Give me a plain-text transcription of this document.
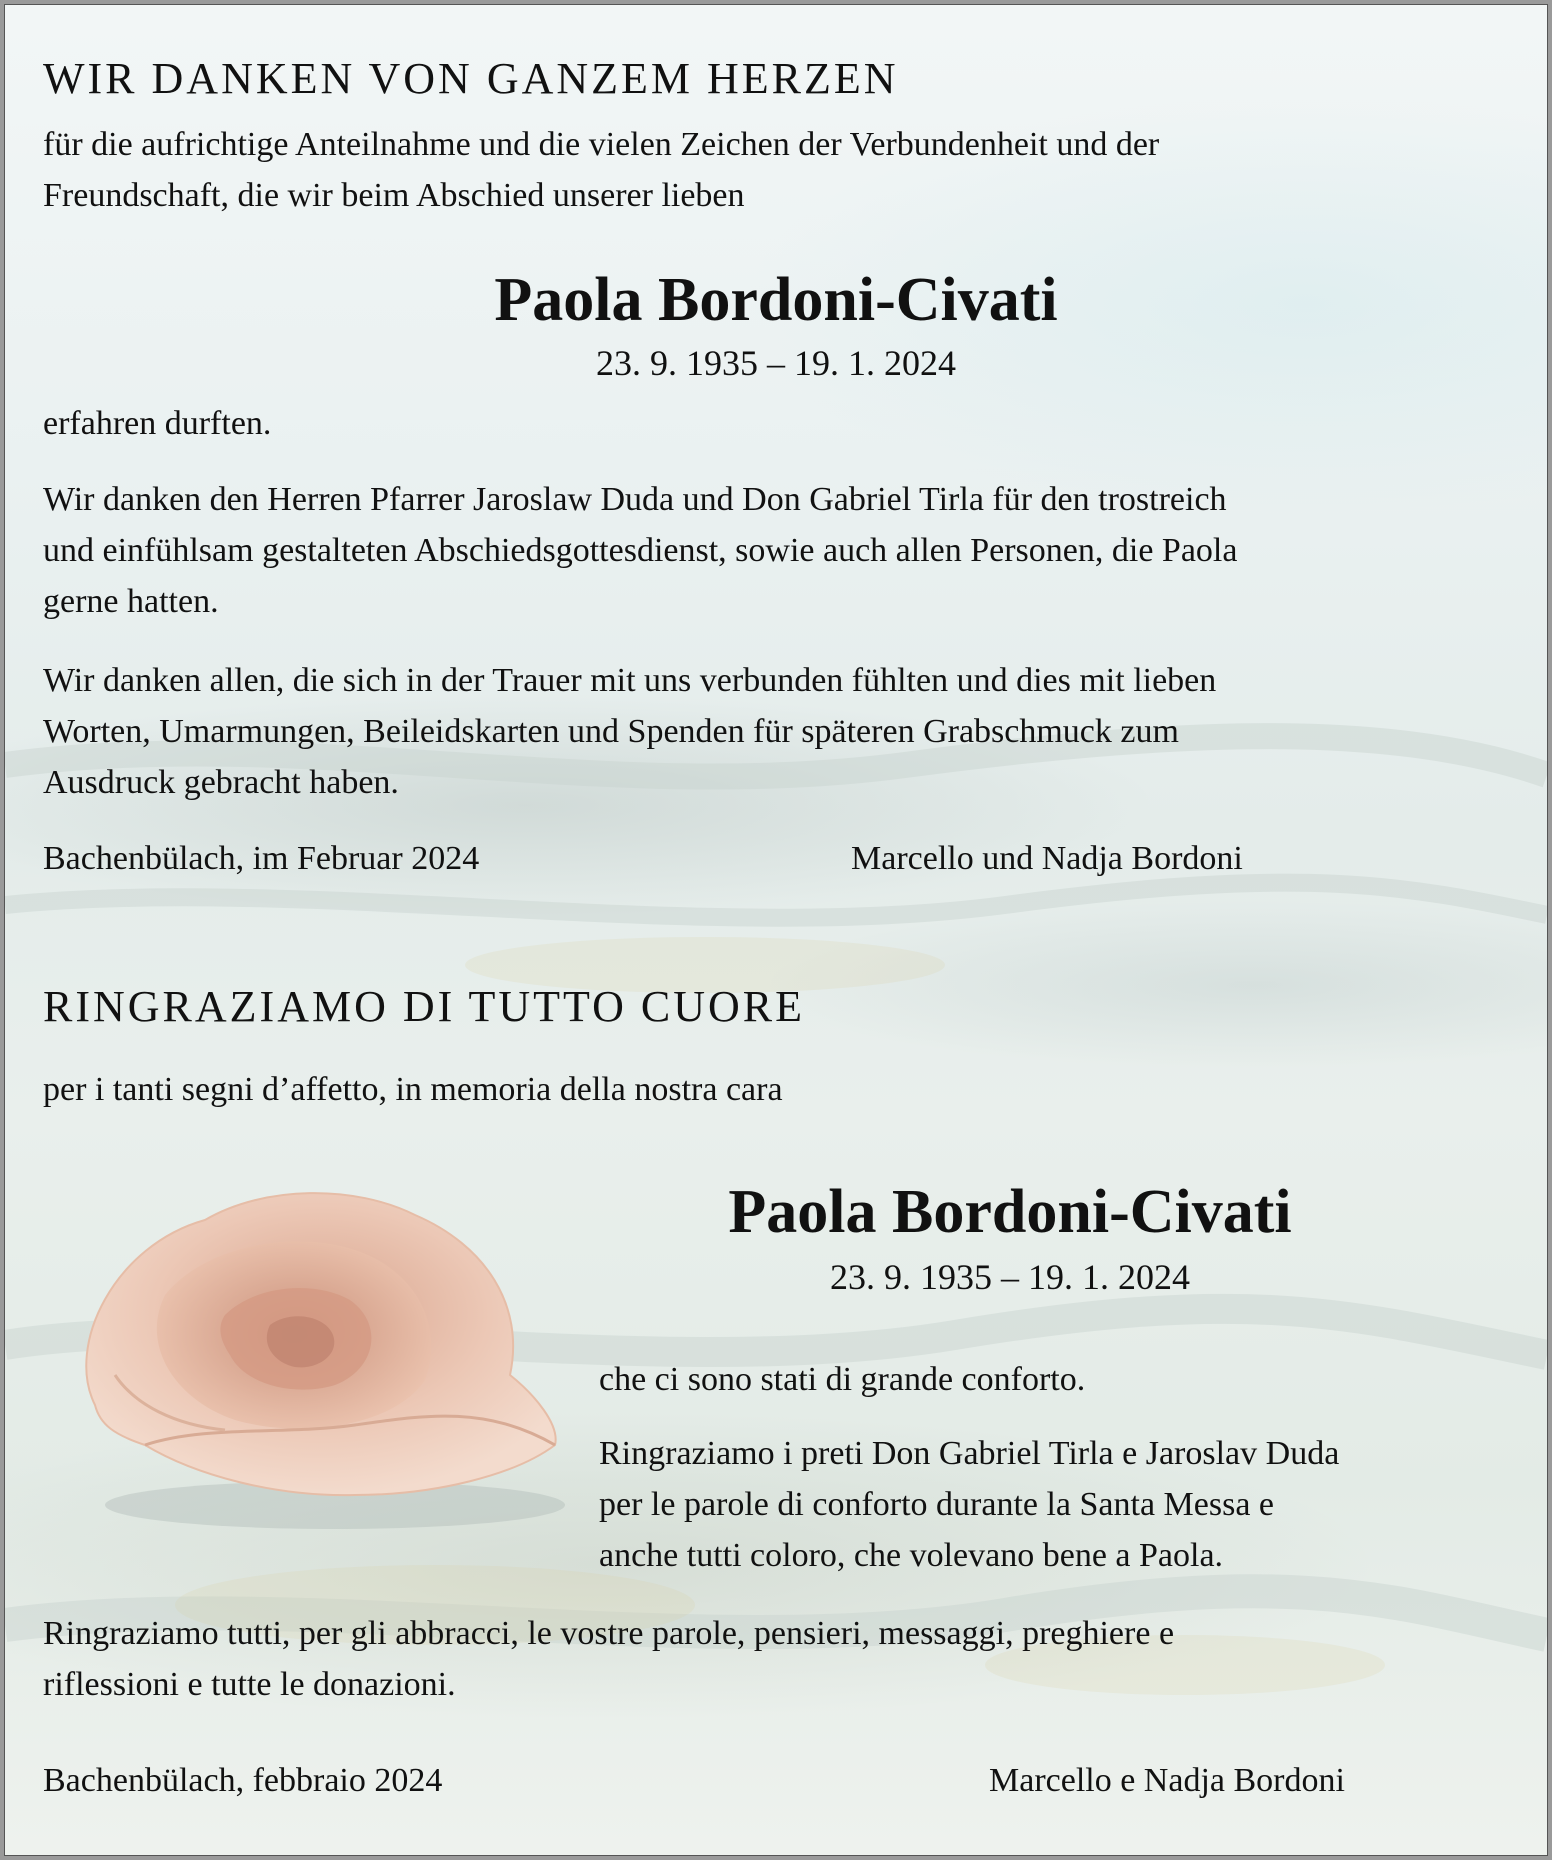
WIR DANKEN VON GANZEM HERZEN
für die aufrichtige Anteilnahme und die vielen Zeichen der Verbundenheit und der
Freundschaft, die wir beim Abschied unserer lieben
Paola Bordoni-Civati
23. 9. 1935 – 19. 1. 2024
erfahren durften.
Wir danken den Herren Pfarrer Jaroslaw Duda und Don Gabriel Tirla für den trostreich
und einfühlsam gestalteten Abschiedsgottesdienst, sowie auch allen Personen, die Paola
gerne hatten.
Wir danken allen, die sich in der Trauer mit uns verbunden fühlten und dies mit lieben
Worten, Umarmungen, Beileidskarten und Spenden für späteren Grabschmuck zum
Ausdruck gebracht haben.
Bachenbülach, im Februar 2024	Marcello und Nadja Bordoni
RINGRAZIAMO DI TUTTO CUORE
per i tanti segni d’affetto, in memoria della nostra cara
Paola Bordoni-Civati
23. 9. 1935 – 19. 1. 2024
che ci sono stati di grande conforto.
Ringraziamo i preti Don Gabriel Tirla e Jaroslav Duda
per le parole di conforto durante la Santa Messa e
anche tutti coloro, che volevano bene a Paola.
Ringraziamo tutti, per gli abbracci, le vostre parole, pensieri, messaggi, preghiere e
riflessioni e tutte le donazioni.
Bachenbülach, febbraio 2024	Marcello e Nadja Bordoni
